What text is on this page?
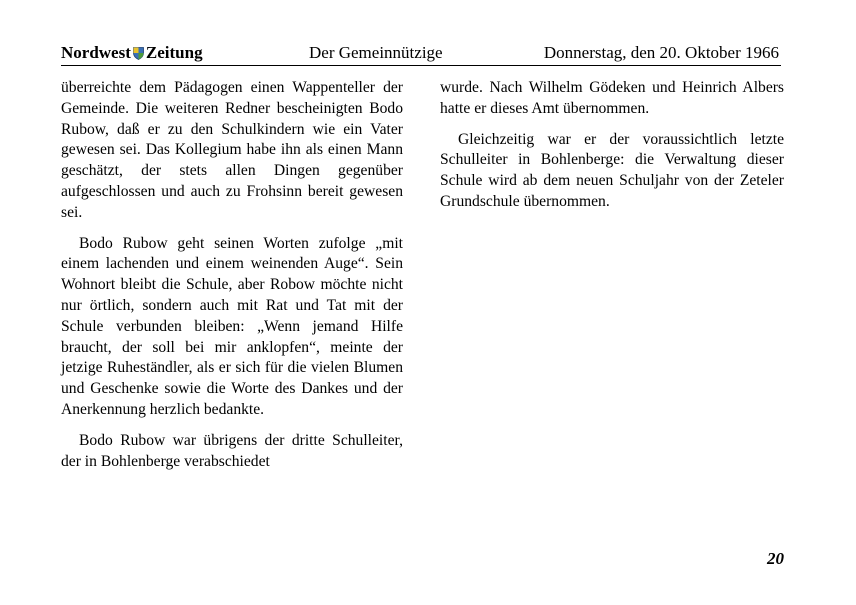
Nordwest Zeitung	Der Gemeinnützige	Donnerstag, den 20. Oktober 1966

überreichte dem Pädagogen einen Wappenteller der Gemeinde. Die weiteren Redner bescheinigten Bodo Rubow, daß er zu den Schulkindern wie ein Vater gewesen sei. Das Kollegium habe ihn als einen Mann geschätzt, der stets allen Dingen gegenüber aufgeschlossen und auch zu Frohsinn bereit gewesen sei.

Bodo Rubow geht seinen Worten zufolge „mit einem lachenden und einem weinenden Auge“. Sein Wohnort bleibt die Schule, aber Robow möchte nicht nur örtlich, sondern auch mit Rat und Tat mit der Schule verbunden bleiben: „Wenn jemand Hilfe braucht, der soll bei mir anklopfen“, meinte der jetzige Ruheständler, als er sich für die vielen Blumen und Geschenke sowie die Worte des Dankes und der Anerkennung herzlich bedankte.

Bodo Rubow war übrigens der dritte Schulleiter, der in Bohlenberge verabschiedet

wurde. Nach Wilhelm Gödeken und Heinrich Albers hatte er dieses Amt übernommen.

Gleichzeitig war er der voraussichtlich letzte Schulleiter in Bohlenberge: die Verwaltung dieser Schule wird ab dem neuen Schuljahr von der Zeteler Grundschule übernommen.

20
